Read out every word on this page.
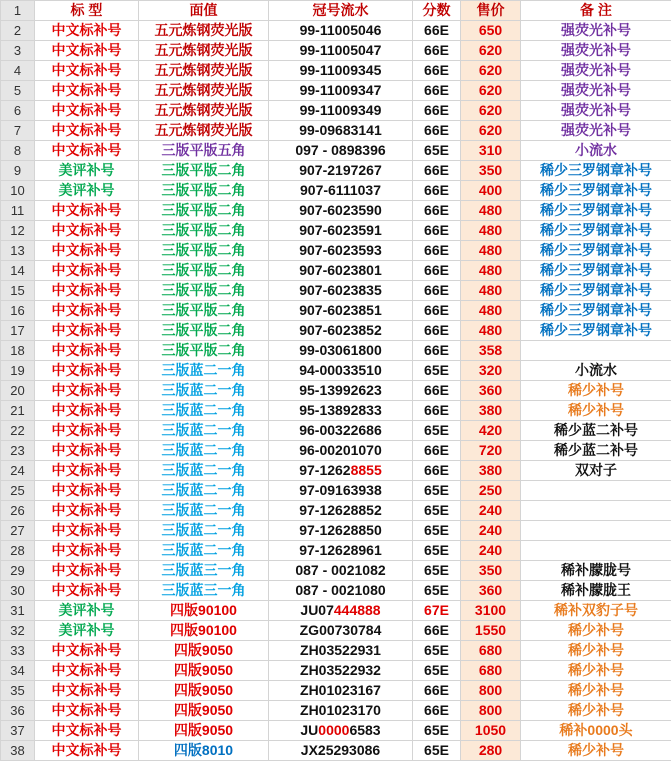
1	标 型	面值	冠号流水	分数	售价	备 注
2	中文标补号	五元炼钢荧光版	99-11005046	66E	650	强荧光补号
3	中文标补号	五元炼钢荧光版	99-11005047	66E	620	强荧光补号
4	中文标补号	五元炼钢荧光版	99-11009345	66E	620	强荧光补号
5	中文标补号	五元炼钢荧光版	99-11009347	66E	620	强荧光补号
6	中文标补号	五元炼钢荧光版	99-11009349	66E	620	强荧光补号
7	中文标补号	五元炼钢荧光版	99-09683141	66E	620	强荧光补号
8	中文标补号	三版平版五角	097 - 0898396	65E	310	小流水
9	美评补号	三版平版二角	907-2197267	66E	350	稀少三罗钢章补号
10	美评补号	三版平版二角	907-6111037	66E	400	稀少三罗钢章补号
11	中文标补号	三版平版二角	907-6023590	66E	480	稀少三罗钢章补号
12	中文标补号	三版平版二角	907-6023591	66E	480	稀少三罗钢章补号
13	中文标补号	三版平版二角	907-6023593	66E	480	稀少三罗钢章补号
14	中文标补号	三版平版二角	907-6023801	66E	480	稀少三罗钢章补号
15	中文标补号	三版平版二角	907-6023835	66E	480	稀少三罗钢章补号
16	中文标补号	三版平版二角	907-6023851	66E	480	稀少三罗钢章补号
17	中文标补号	三版平版二角	907-6023852	66E	480	稀少三罗钢章补号
18	中文标补号	三版平版二角	99-03061800	66E	358	
19	中文标补号	三版蓝二一角	94-00033510	65E	320	小流水
20	中文标补号	三版蓝二一角	95-13992623	66E	360	稀少补号
21	中文标补号	三版蓝二一角	95-13892833	66E	380	稀少补号
22	中文标补号	三版蓝二一角	96-00322686	65E	420	稀少蓝二补号
23	中文标补号	三版蓝二一角	96-00201070	66E	720	稀少蓝二补号
24	中文标补号	三版蓝二一角	97-12628855	66E	380	双对子
25	中文标补号	三版蓝二一角	97-09163938	65E	250	
26	中文标补号	三版蓝二一角	97-12628852	65E	240	
27	中文标补号	三版蓝二一角	97-12628850	65E	240	
28	中文标补号	三版蓝二一角	97-12628961	65E	240	
29	中文标补号	三版蓝三一角	087 - 0021082	65E	350	稀补朦胧号
30	中文标补号	三版蓝三一角	087 - 0021080	65E	360	稀补朦胧王
31	美评补号	四版90100	JU07444888	67E	3100	稀补双豹子号
32	美评补号	四版90100	ZG00730784	66E	1550	稀少补号
33	中文标补号	四版9050	ZH03522931	65E	680	稀少补号
34	中文标补号	四版9050	ZH03522932	65E	680	稀少补号
35	中文标补号	四版9050	ZH01023167	66E	800	稀少补号
36	中文标补号	四版9050	ZH01023170	66E	800	稀少补号
37	中文标补号	四版9050	JU00006583	65E	1050	稀补0000头
38	中文标补号	四版8010	JX25293086	65E	280	稀少补号
